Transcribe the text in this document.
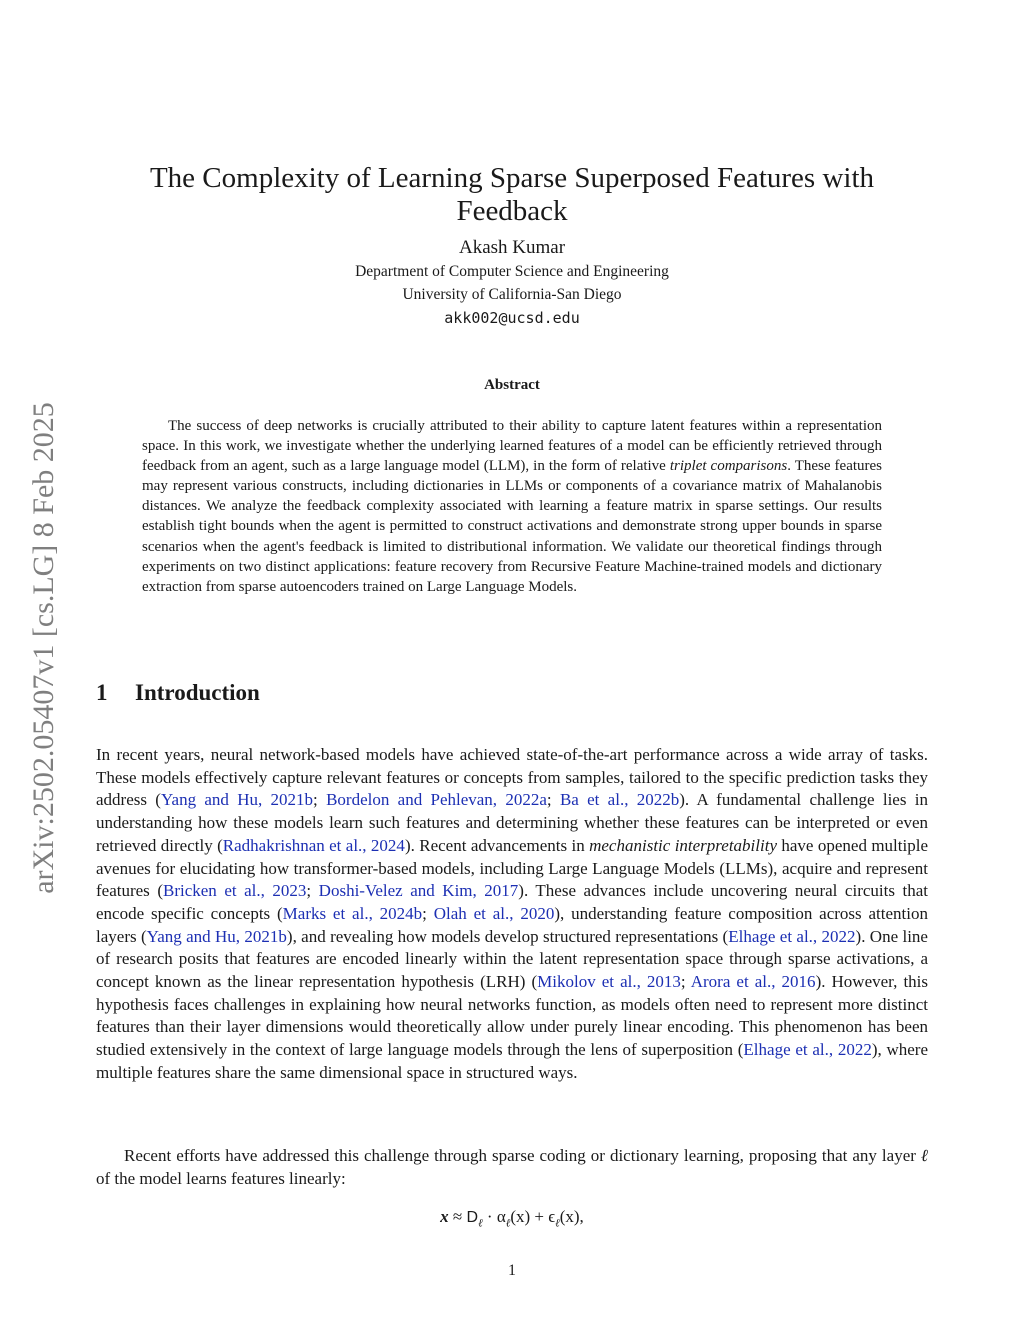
arXiv:2502.05407v1 [cs.LG] 8 Feb 2025
The Complexity of Learning Sparse Superposed Features with Feedback
Akash Kumar
Department of Computer Science and Engineering
University of California-San Diego
akk002@ucsd.edu
Abstract

The success of deep networks is crucially attributed to their ability to capture latent features within a representation space. In this work, we investigate whether the underlying learned features of a model can be efficiently retrieved through feedback from an agent, such as a large language model (LLM), in the form of relative triplet comparisons. These features may represent various constructs, including dictionaries in LLMs or components of a covariance matrix of Mahalanobis distances. We analyze the feedback complexity associated with learning a feature matrix in sparse settings. Our results establish tight bounds when the agent is permitted to construct activations and demonstrate strong upper bounds in sparse scenarios when the agent's feedback is limited to distributional information. We validate our theoretical findings through experiments on two distinct applications: feature recovery from Recursive Feature Machine-trained models and dictionary extraction from sparse autoencoders trained on Large Language Models.

1 Introduction

In recent years, neural network-based models have achieved state-of-the-art performance across a wide array of tasks. These models effectively capture relevant features or concepts from samples, tailored to the specific prediction tasks they address (Yang and Hu, 2021b; Bordelon and Pehlevan, 2022a; Ba et al., 2022b). A fundamental challenge lies in understanding how these models learn such features and determining whether these features can be interpreted or even retrieved directly (Radhakrishnan et al., 2024). Recent advancements in mechanistic interpretability have opened multiple avenues for elucidating how transformer-based models, including Large Language Models (LLMs), acquire and represent features (Bricken et al., 2023; Doshi-Velez and Kim, 2017). These advances include uncovering neural circuits that encode specific concepts (Marks et al., 2024b; Olah et al., 2020), understanding feature composition across attention layers (Yang and Hu, 2021b), and revealing how models develop structured representations (Elhage et al., 2022). One line of research posits that features are encoded linearly within the latent representation space through sparse activations, a concept known as the linear representation hypothesis (LRH) (Mikolov et al., 2013; Arora et al., 2016). However, this hypothesis faces challenges in explaining how neural networks function, as models often need to represent more distinct features than their layer dimensions would theoretically allow under purely linear encoding. This phenomenon has been studied extensively in the context of large language models through the lens of superposition (Elhage et al., 2022), where multiple features share the same dimensional space in structured ways.

Recent efforts have addressed this challenge through sparse coding or dictionary learning, proposing that any layer ℓ of the model learns features linearly:

$x \approx D_\ell \cdot \alpha_\ell(x) + \epsilon_\ell(x)$,
1
